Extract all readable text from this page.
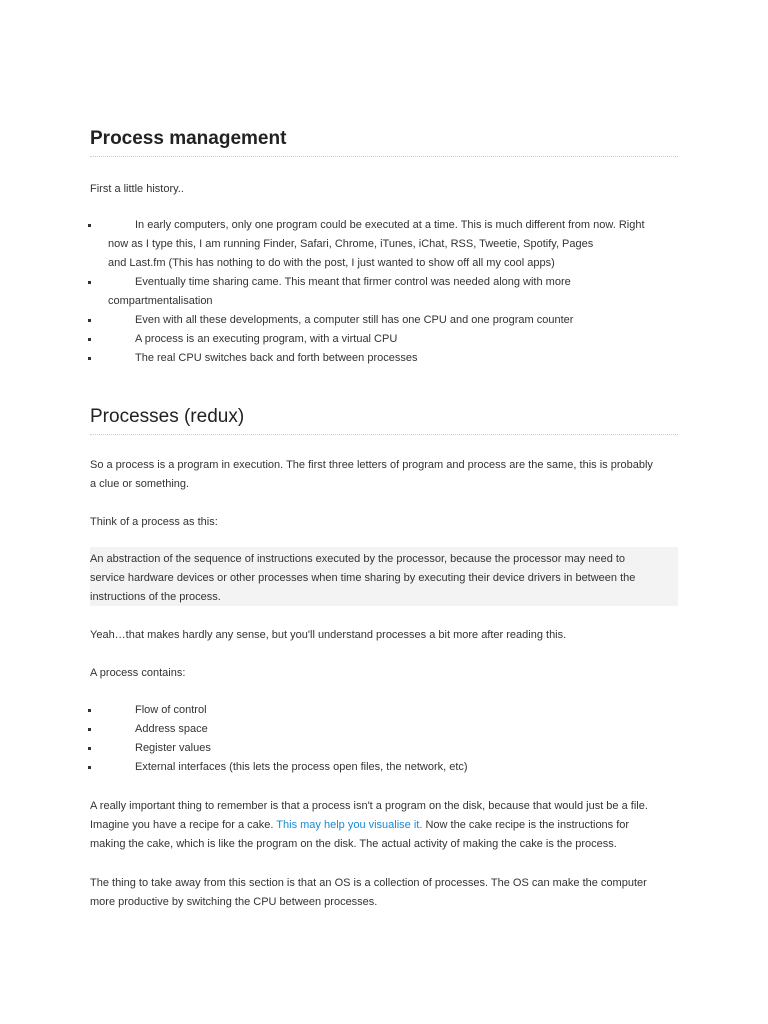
Process management

First a little history..

In early computers, only one program could be executed at a time. This is much different from now. Right
now as I type this, I am running Finder, Safari, Chrome, iTunes, iChat, RSS, Tweetie, Spotify, Pages
and Last.fm (This has nothing to do with the post, I just wanted to show off all my cool apps)
Eventually time sharing came. This meant that firmer control was needed along with more
compartmentalisation
Even with all these developments, a computer still has one CPU and one program counter
A process is an executing program, with a virtual CPU
The real CPU switches back and forth between processes
Processes (redux)

So a process is a program in execution. The first three letters of program and process are the same, this is probably

a clue or something.

Think of a process as this:

An abstraction of the sequence of instructions executed by the processor, because the processor may need to

service hardware devices or other processes when time sharing by executing their device drivers in between the

instructions of the process.

Yeah…that makes hardly any sense, but you'll understand processes a bit more after reading this.

A process contains:

Flow of control
Address space
Register values
External interfaces (this lets the process open files, the network, etc)

A really important thing to remember is that a process isn't a program on the disk, because that would just be a file.

Imagine you have a recipe for a cake. This may help you visualise it. Now the cake recipe is the instructions for

making the cake, which is like the program on the disk. The actual activity of making the cake is the process.

The thing to take away from this section is that an OS is a collection of processes. The OS can make the computer

more productive by switching the CPU between processes.
